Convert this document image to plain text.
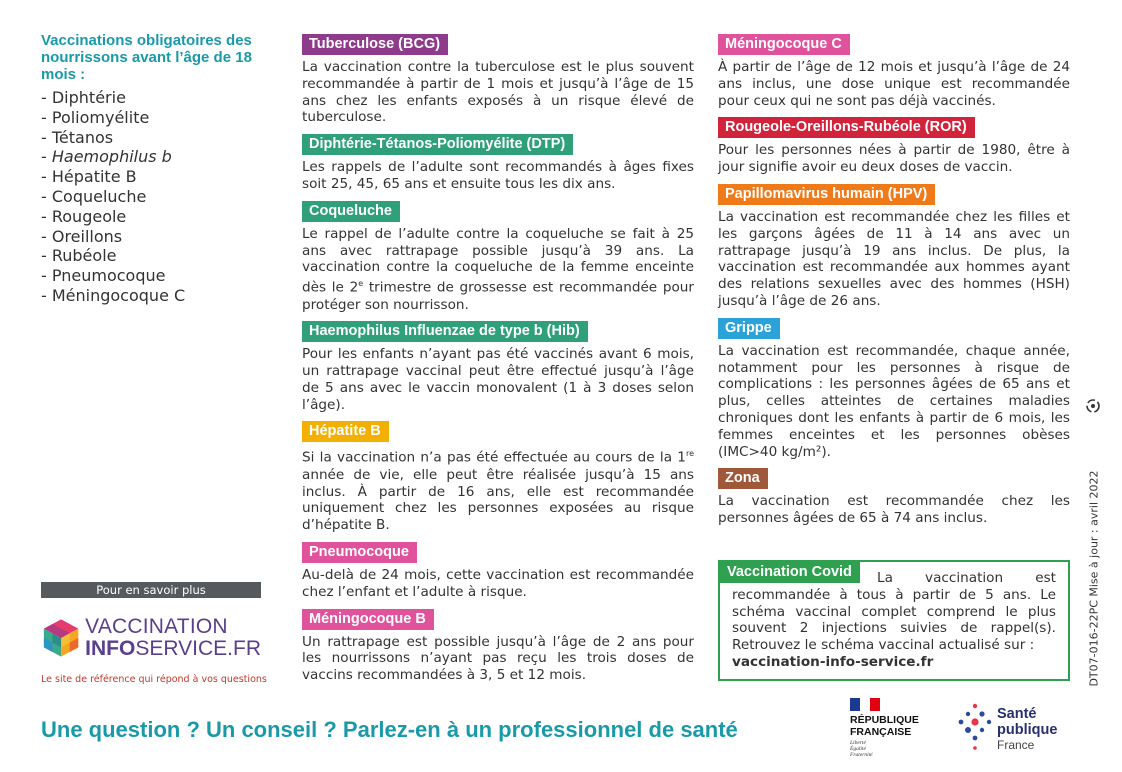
Vaccinations obligatoires des nourrissons avant l’âge de 18 mois :
- Diphtérie
- Poliomyélite
- Tétanos
- Haemophilus b
- Hépatite B
- Coqueluche
- Rougeole
- Oreillons
- Rubéole
- Pneumocoque
- Méningocoque C
Pour en savoir plus
VACCINATION
INFOSERVICE.FR
Le site de référence qui répond à vos questions
Tuberculose (BCG)
La vaccination contre la tuberculose est le plus souvent recommandée à partir de 1 mois et jusqu’à l’âge de 15 ans chez les enfants exposés à un risque élevé de tuberculose.
Diphtérie-Tétanos-Poliomyélite (DTP)
Les rappels de l’adulte sont recommandés à âges fixes soit 25, 45, 65 ans et ensuite tous les dix ans.
Coqueluche
Le rappel de l’adulte contre la coqueluche se fait à 25 ans avec rattrapage possible jusqu’à 39 ans. La vaccination contre la coqueluche de la femme enceinte dès le 2e trimestre de grossesse est recommandée pour protéger son nourrisson.
Haemophilus Influenzae de type b (Hib)
Pour les enfants n’ayant pas été vaccinés avant 6 mois, un rattrapage vaccinal peut être effectué jusqu’à l’âge de 5 ans avec le vaccin monovalent (1 à 3 doses selon l’âge).
Hépatite B
Si la vaccination n’a pas été effectuée au cours de la 1re année de vie, elle peut être réalisée jusqu’à 15 ans inclus. À partir de 16 ans, elle est recommandée uniquement chez les personnes exposées au risque d’hépatite B.
Pneumocoque
Au-delà de 24 mois, cette vaccination est recommandée chez l’enfant et l’adulte à risque.
Méningocoque B
Un rattrapage est possible jusqu’à l’âge de 2 ans pour les nourrissons n’ayant pas reçu les trois doses de vaccins recommandées à 3, 5 et 12 mois.
Méningocoque C
À partir de l’âge de 12 mois et jusqu’à l’âge de 24 ans inclus, une dose unique est recommandée pour ceux qui ne sont pas déjà vaccinés.
Rougeole-Oreillons-Rubéole (ROR)
Pour les personnes nées à partir de 1980, être à jour signifie avoir eu deux doses de vaccin.
Papillomavirus humain (HPV)
La vaccination est recommandée chez les filles et les garçons âgées de 11 à 14 ans avec un rattrapage jusqu’à 19 ans inclus. De plus, la vaccination est recommandée aux hommes ayant des relations sexuelles avec des hommes (HSH) jusqu’à l’âge de 26 ans.
Grippe
La vaccination est recommandée, chaque année, notamment pour les personnes à risque de complications : les personnes âgées de 65 ans et plus, celles atteintes de certaines maladies chroniques dont les enfants à partir de 6 mois, les femmes enceintes et les personnes obèses (IMC>40 kg/m²).
Zona
La vaccination est recommandée chez les personnes âgées de 65 à 74 ans inclus.
Vaccination Covid	La vaccination est recommandée à tous à partir de 5 ans. Le schéma vaccinal complet comprend le plus souvent 2 injections suivies de rappel(s). Retrouvez le schéma vaccinal actualisé sur :
vaccination-info-service.fr	DT07-016-22PC Mise à jour : avril 2022
Une question ? Un conseil ? Parlez-en à un professionnel de santé	RÉPUBLIQUE
FRANÇAISE
Liberté
Égalité
Fraternité
Santé
publique
France
